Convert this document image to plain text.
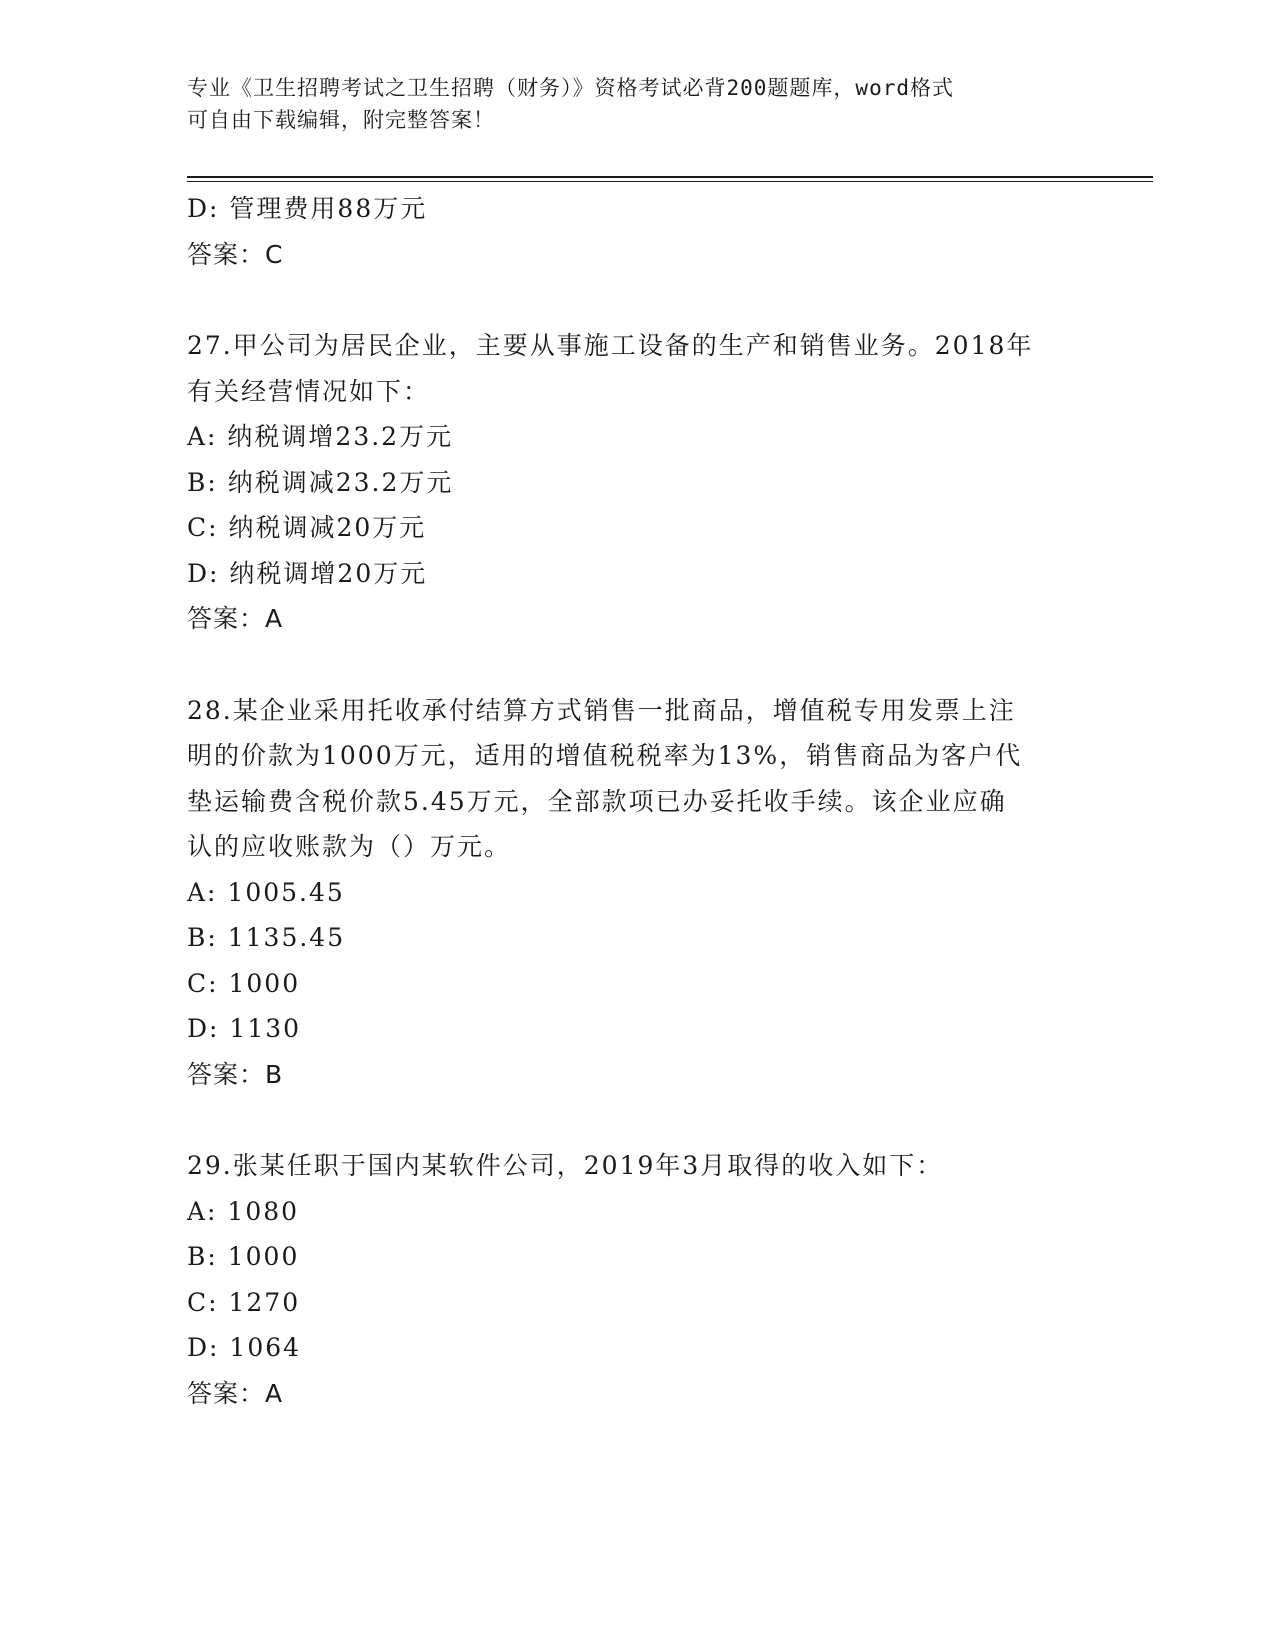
专业《卫生招聘考试之卫生招聘（财务）》资格考试必背200题题库，word格式
可自由下载编辑，附完整答案！
D: 管理费用88万元
答案：C
27.甲公司为居民企业，主要从事施工设备的生产和销售业务。2018年
有关经营情况如下：
A: 纳税调增23.2万元
B: 纳税调减23.2万元
C: 纳税调减20万元
D: 纳税调增20万元
答案：A
28.某企业采用托收承付结算方式销售一批商品，增值税专用发票上注
明的价款为1000万元，适用的增值税税率为13%，销售商品为客户代
垫运输费含税价款5.45万元，全部款项已办妥托收手续。该企业应确
认的应收账款为（）万元。
A: 1005.45
B: 1135.45
C: 1000
D: 1130
答案：B
29.张某任职于国内某软件公司，2019年3月取得的收入如下：
A: 1080
B: 1000
C: 1270
D: 1064
答案：A
